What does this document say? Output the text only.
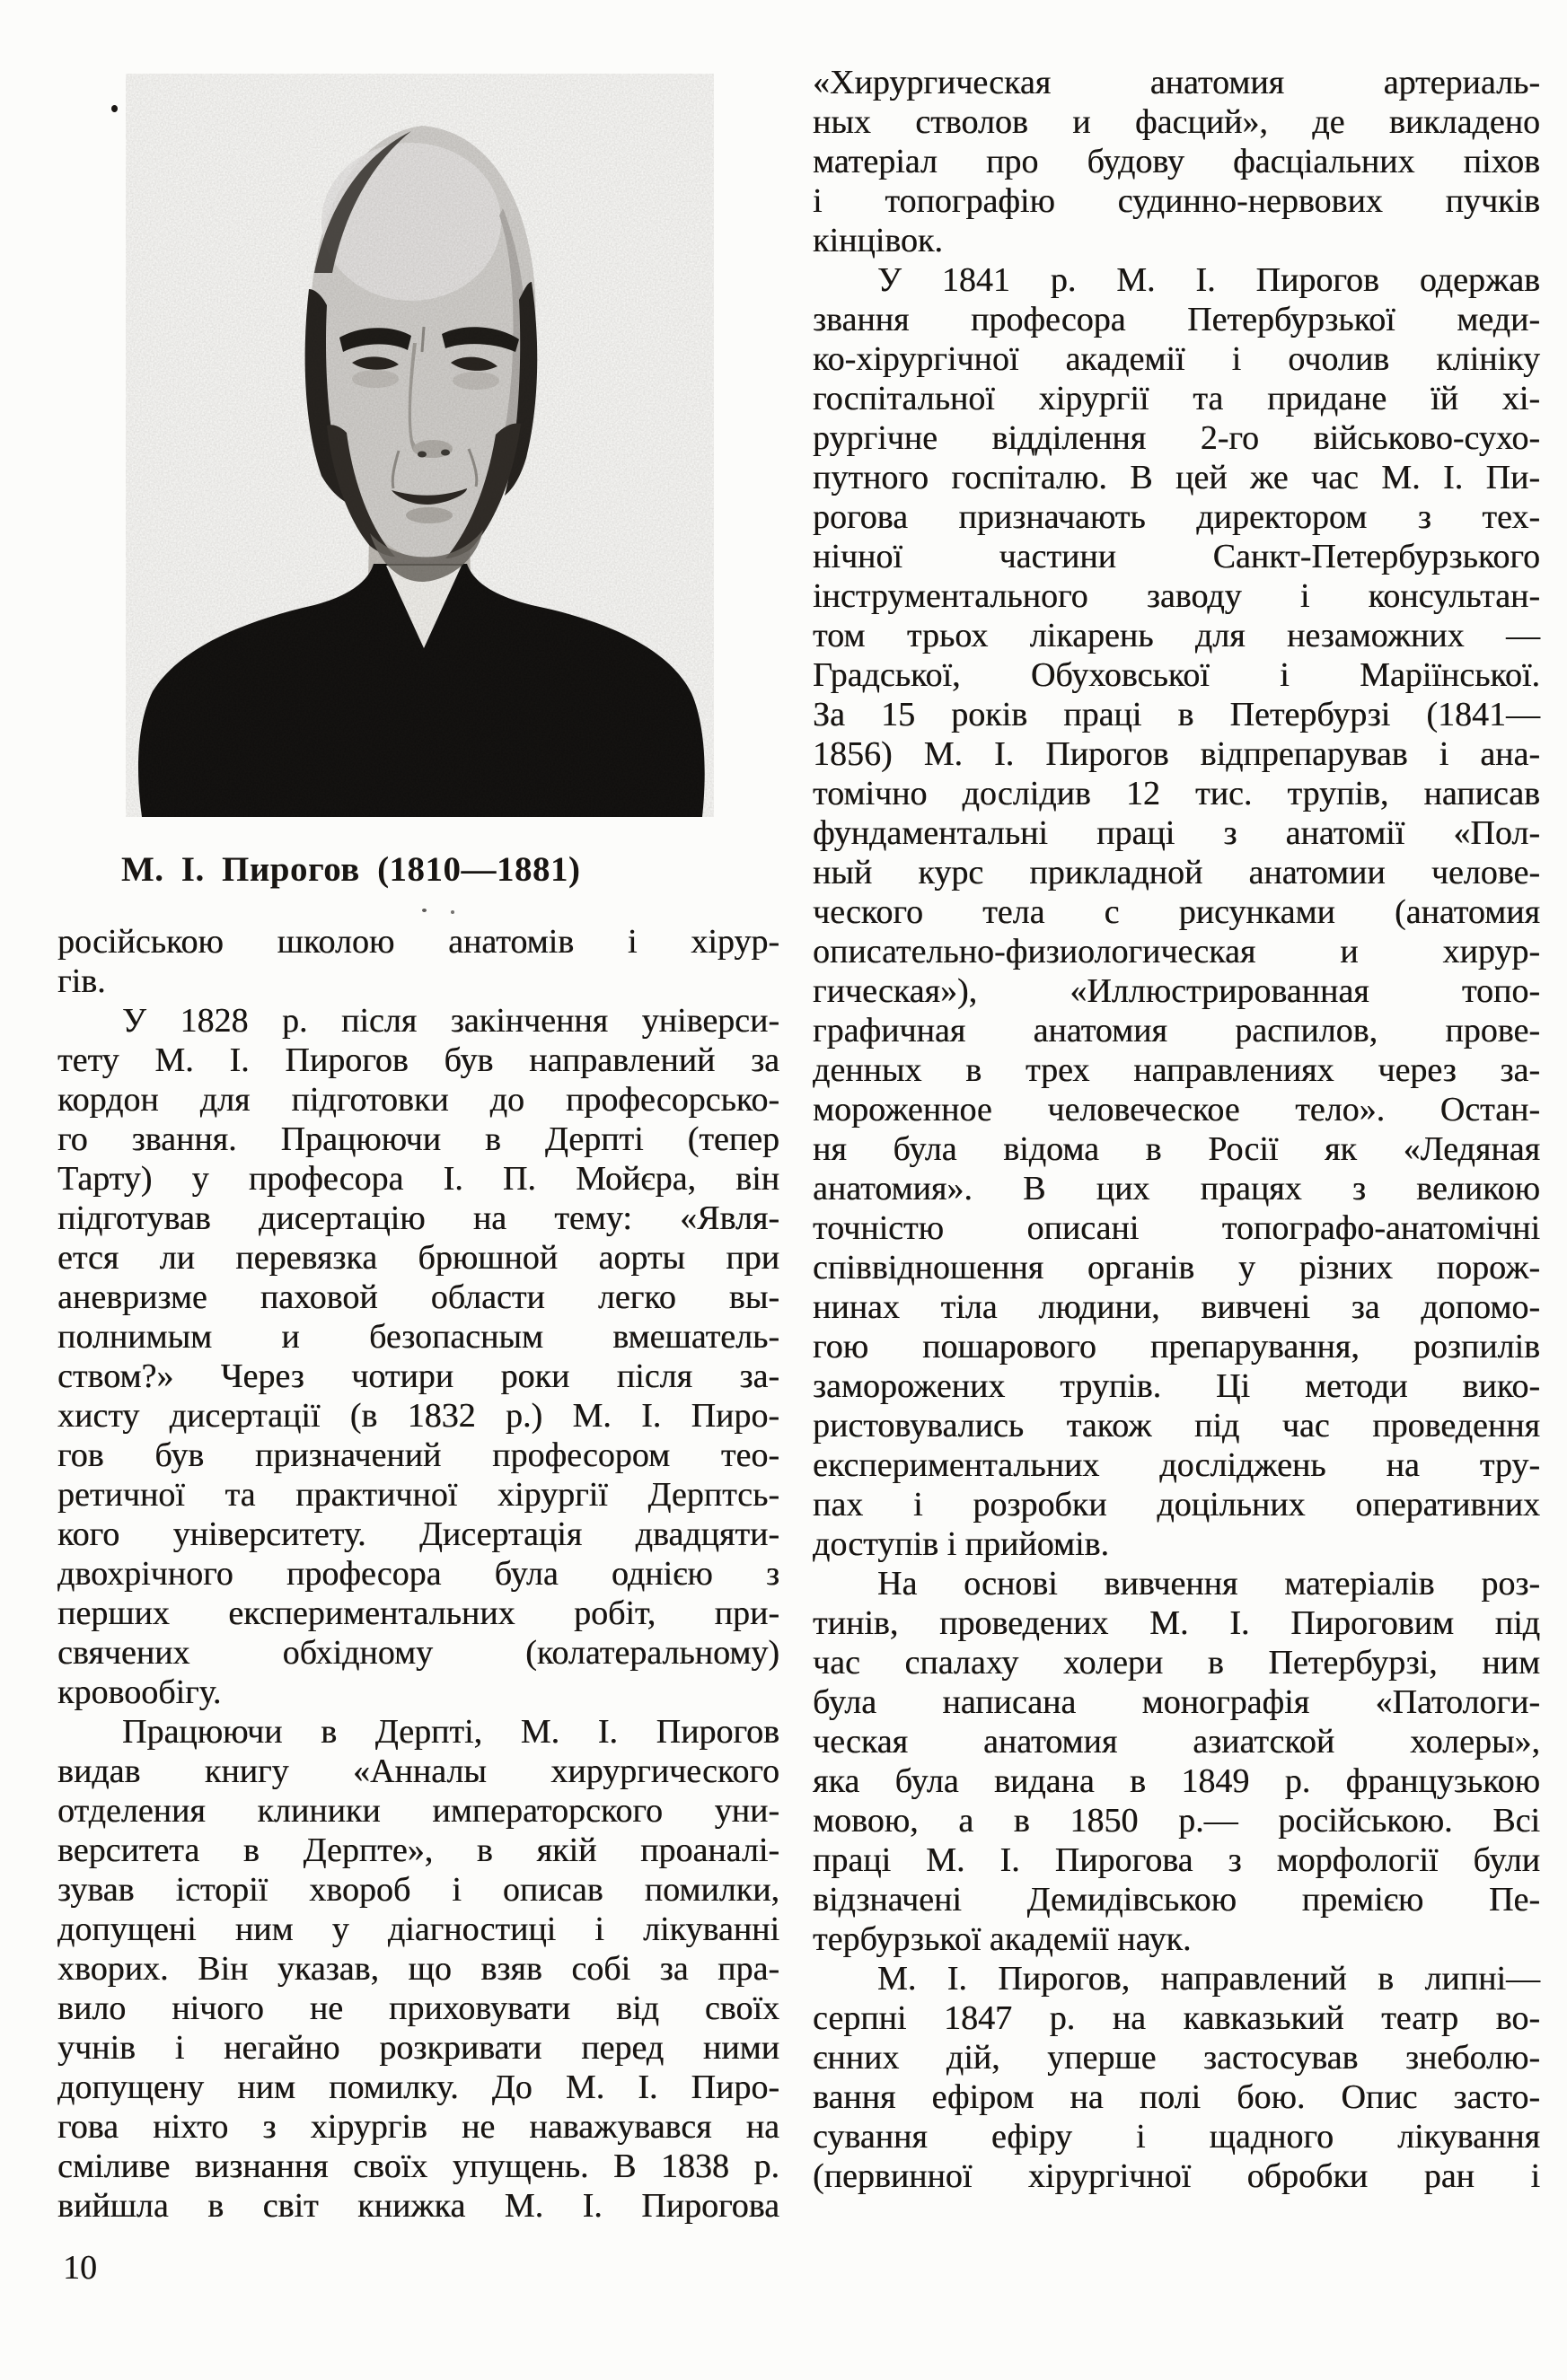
М. І. Пирогов (1810—1881)
російською школою анатомів і хірур-
гів.
У 1828 р. після закінчення універси-
тету М. І. Пирогов був направлений за
кордон для підготовки до професорсько-
го звання. Працюючи в Дерпті (тепер
Тарту) у професора І. П. Мойєра, він
підготував дисертацію на тему: «Явля-
ется ли перевязка брюшной аорты при
аневризме паховой области легко вы-
полнимым и безопасным вмешатель-
ством?» Через чотири роки після за-
хисту дисертації (в 1832 р.) М. І. Пиро-
гов був призначений професором тео-
ретичної та практичної хірургії Дерптсь-
кого університету. Дисертація двадцяти-
двохрічного професора була однією з
перших експериментальних робіт, при-
свячених обхідному (колатеральному)
кровообігу.
Працюючи в Дерпті, М. І. Пирогов
видав книгу «Анналы хирургического
отделения клиники императорского уни-
верситета в Дерпте», в якій проаналі-
зував історії хвороб і описав помилки,
допущені ним у діагностиці і лікуванні
хворих. Він указав, що взяв собі за пра-
вило нічого не приховувати від своїх
учнів і негайно розкривати перед ними
допущену ним помилку. До М. І. Пиро-
гова ніхто з хірургів не наважувався на
сміливе визнання своїх упущень. В 1838 р.
вийшла в світ книжка М. І. Пирогова
«Хирургическая анатомия артериаль-
ных стволов и фасций», де викладено
матеріал про будову фасціальних піхов
і топографію судинно-нервових пучків
кінцівок.
У 1841 р. М. І. Пирогов одержав
звання професора Петербурзької меди-
ко-хірургічної академії і очолив клініку
госпітальної хірургії та придане їй хі-
рургічне відділення 2-го військово-сухо-
путного госпіталю. В цей же час М. І. Пи-
рогова призначають директором з тех-
нічної частини Санкт-Петербурзького
інструментального заводу і консультан-
том трьох лікарень для незаможних —
Градської, Обуховської і Маріїнської.
За 15 років праці в Петербурзі (1841—
1856) М. І. Пирогов відпрепарував і ана-
томічно дослідив 12 тис. трупів, написав
фундаментальні праці з анатомії «Пол-
ный курс прикладной анатомии челове-
ческого тела с рисунками (анатомия
описательно-физиологическая и хирур-
гическая»), «Иллюстрированная топо-
графичная анатомия распилов, прове-
денных в трех направлениях через за-
мороженное человеческое тело». Остан-
ня була відома в Росії як «Ледяная
анатомия». В цих працях з великою
точністю описані топографо-анатомічні
співвідношення органів у різних порож-
нинах тіла людини, вивчені за допомо-
гою пошарового препарування, розпилів
заморожених трупів. Ці методи вико-
ристовувались також під час проведення
експериментальних досліджень на тру-
пах і розробки доцільних оперативних
доступів і прийомів.
На основі вивчення матеріалів роз-
тинів, проведених М. І. Пироговим під
час спалаху холери в Петербурзі, ним
була написана монографія «Патологи-
ческая анатомия азиатской холеры»,
яка була видана в 1849 р. французькою
мовою, а в 1850 р.— російською. Всі
праці М. І. Пирогова з морфології були
відзначені Демидівською премією Пе-
тербурзької академії наук.
М. І. Пирогов, направлений в липні—
серпні 1847 р. на кавказький театр во-
єнних дій, уперше застосував знеболю-
вання ефіром на полі бою. Опис засто-
сування ефіру і щадного лікування
(первинної хірургічної обробки ран і
10
